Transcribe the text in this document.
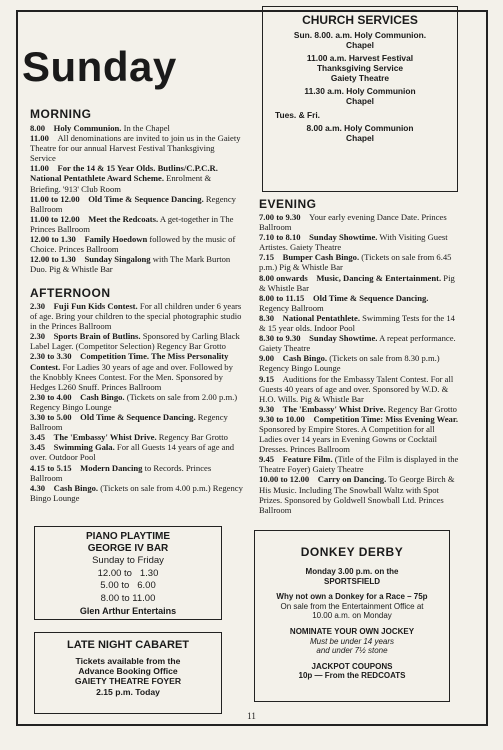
Sunday
MORNING

8.00  Holy Communion. In the Chapel

11.00  All denominations are invited to join us in the Gaiety Theatre for our annual Harvest Festival Thanksgiving Service

11.00  For the 14 & 15 Year Olds. Butlins/C.P.C.R. National Pentathlete Award Scheme. Enrolment & Briefing. '913' Club Room

11.00 to 12.00  Old Time & Sequence Dancing. Regency Ballroom

11.00 to 12.00  Meet the Redcoats. A get-together in The Princes Ballroom

12.00 to 1.30  Family Hoedown followed by the music of Choice. Princes Ballroom

12.00 to 1.30  Sunday Singalong with The Mark Burton Duo. Pig & Whistle Bar

AFTERNOON

2.30  Fuji Fun Kids Contest. For all children under 6 years of age. Bring your children to the special photographic studio in the Princes Ballroom

2.30  Sports Brain of Butlins. Sponsored by Carling Black Label Lager. (Competitor Selection) Regency Bar Grotto

2.30 to 3.30  Competition Time. The Miss Personality Contest. For Ladies 30 years of age and over. Followed by the Knobbly Knees Contest. For the Men. Sponsored by Hedges L260 Snuff. Princes Ballroom

2.30 to 4.00  Cash Bingo. (Tickets on sale from 2.00 p.m.) Regency Bingo Lounge

3.30 to 5.00  Old Time & Sequence Dancing. Regency Ballroom

3.45  The 'Embassy' Whist Drive. Regency Bar Grotto

3.45  Swimming Gala. For all Guests 14 years of age and over. Outdoor Pool

4.15 to 5.15  Modern Dancing to Records. Princes Ballroom

4.30  Cash Bingo. (Tickets on sale from 4.00 p.m.) Regency Bingo Lounge

CHURCH SERVICES
Sun. 8.00. a.m. Holy Communion.
Chapel
11.00 a.m. Harvest Festival
Thanksgiving Service
Gaiety Theatre
11.30 a.m. Holy Communion
Chapel
Tues. & Fri.
8.00 a.m. Holy Communion
Chapel
EVENING

7.00 to 9.30  Your early evening Dance Date. Princes Ballroom

7.10 to 8.10  Sunday Showtime. With Visiting Guest Artistes. Gaiety Theatre

7.15  Bumper Cash Bingo. (Tickets on sale from 6.45 p.m.) Pig & Whistle Bar

8.00 onwards  Music, Dancing & Entertainment. Pig & Whistle Bar

8.00 to 11.15  Old Time & Sequence Dancing. Regency Ballroom

8.30  National Pentathlete. Swimming Tests for the 14 & 15 year olds. Indoor Pool

8.30 to 9.30  Sunday Showtime. A repeat performance. Gaiety Theatre

9.00  Cash Bingo. (Tickets on sale from 8.30 p.m.) Regency Bingo Lounge

9.15  Auditions for the Embassy Talent Contest. For all Guests 40 years of age and over. Sponsored by W.D. & H.O. Wills. Pig & Whistle Bar

9.30  The 'Embassy' Whist Drive. Regency Bar Grotto

9.30 to 10.00  Competition Time: Miss Evening Wear. Sponsored by Empire Stores. A Competition for all Ladies over 14 years in Evening Gowns or Cocktail Dresses. Princes Ballroom

9.45  Feature Film. (Title of the Film is displayed in the Theatre Foyer) Gaiety Theatre

10.00 to 12.00  Carry on Dancing. To George Birch & His Music. Including The Snowball Waltz with Spot Prizes. Sponsored by Goldwell Snowball Ltd. Princes Ballroom

PIANO PLAYTIME
GEORGE IV BAR
Sunday to Friday
12.00 to   1.30
5.00 to   6.00
8.00 to 11.00
Glen Arthur Entertains
LATE NIGHT CABARET
Tickets available from the
Advance Booking Office
GAIETY THEATRE FOYER
2.15 p.m. Today
DONKEY DERBY
Monday 3.00 p.m. on the
SPORTSFIELD
Why not own a Donkey for a Race – 75p
On sale from the Entertainment Office at
10.00 a.m. on Monday
NOMINATE YOUR OWN JOCKEY
Must be under 14 years
and under 7½ stone
JACKPOT COUPONS
10p — From the REDCOATS
11
